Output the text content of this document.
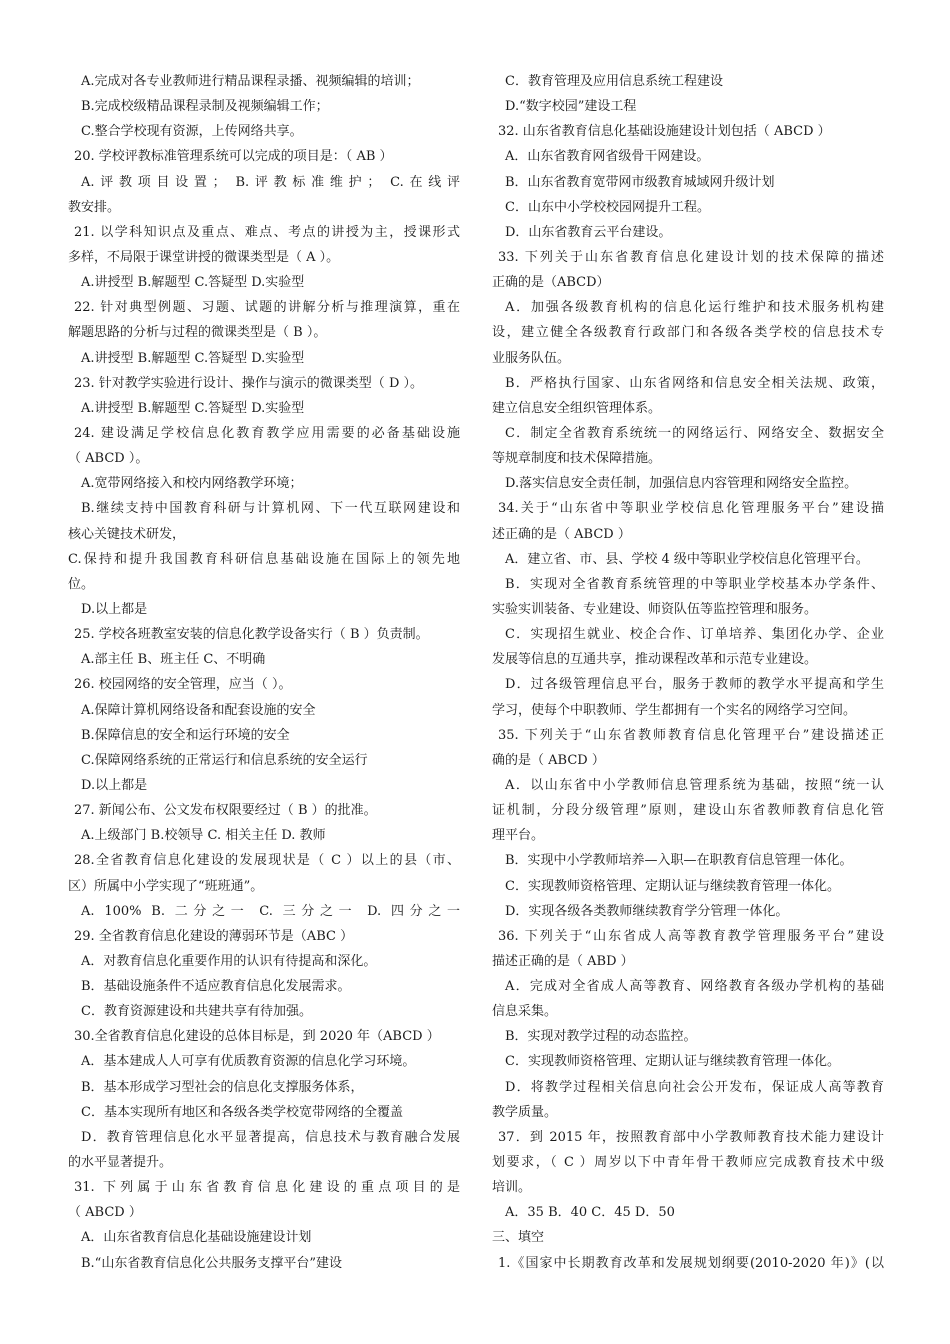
A.完成对各专业教师进行精品课程录播、视频编辑的培训；
B.完成校级精品课程录制及视频编辑工作；
C.整合学校现有资源，上传网络共享。
20. 学校评教标准管理系统可以完成的项目是：（ AB ）
A.评教项目设置； B.评教标准维护； C.在线评
教安排。
21. 以学科知识点及重点、难点、考点的讲授为主，授课形式
多样，不局限于课堂讲授的微课类型是（ A ）。
A.讲授型 B.解题型 C.答疑型 D.实验型
22. 针对典型例题、习题、试题的讲解分析与推理演算，重在
解题思路的分析与过程的微课类型是（ B ）。
A.讲授型 B.解题型 C.答疑型 D.实验型
23. 针对教学实验进行设计、操作与演示的微课类型（ D ）。
A.讲授型 B.解题型 C.答疑型 D.实验型
24. 建设满足学校信息化教育教学应用需要的必备基础设施
（ ABCD ）。
A.宽带网络接入和校内网络教学环境；
B.继续支持中国教育科研与计算机网、下一代互联网建设和
核心关键技术研发，
C.保持和提升我国教育科研信息基础设施在国际上的领先地
位。
D.以上都是
25. 学校各班教室安装的信息化教学设备实行（ B ）负责制。
A.部主任 B、班主任 C、不明确
26. 校园网络的安全管理，应当（ ）。
A.保障计算机网络设备和配套设施的安全
B.保障信息的安全和运行环境的安全
C.保障网络系统的正常运行和信息系统的安全运行
D.以上都是
27. 新闻公布、公文发布权限要经过（ B ）的批准。
A.上级部门 B.校领导 C. 相关主任 D. 教师
28.全省教育信息化建设的发展现状是（ C ）以上的县（市、
区）所属中小学实现了“班班通”。
A. 100% B. 二分之一 C. 三分之一 D. 四分之一
29. 全省教育信息化建设的薄弱环节是（ABC ）
A．对教育信息化重要作用的认识有待提高和深化。
B．基础设施条件不适应教育信息化发展需求。
C．教育资源建设和共建共享有待加强。
30.全省教育信息化建设的总体目标是，到 2020 年（ABCD ）
A．基本建成人人可享有优质教育资源的信息化学习环境。
B．基本形成学习型社会的信息化支撑服务体系，
C．基本实现所有地区和各级各类学校宽带网络的全覆盖
D．教育管理信息化水平显著提高，信息技术与教育融合发展
的水平显著提升。
31. 下列属于山东省教育信息化建设的重点项目的是
（ ABCD ）
A．山东省教育信息化基础设施建设计划
B.“山东省教育信息化公共服务支撑平台”建设
C．教育管理及应用信息系统工程建设
D.“数字校园”建设工程
32. 山东省教育信息化基础设施建设计划包括（ ABCD ）
A．山东省教育网省级骨干网建设。
B．山东省教育宽带网市级教育城域网升级计划
C．山东中小学校校园网提升工程。
D．山东省教育云平台建设。
33. 下列关于山东省教育信息化建设计划的技术保障的描述
正确的是（ABCD）
A．加强各级教育机构的信息化运行维护和技术服务机构建
设，建立健全各级教育行政部门和各级各类学校的信息技术专
业服务队伍。
B．严格执行国家、山东省网络和信息安全相关法规、政策，
建立信息安全组织管理体系。
C．制定全省教育系统统一的网络运行、网络安全、数据安全
等规章制度和技术保障措施。
D.落实信息安全责任制，加强信息内容管理和网络安全监控。
34.关于“山东省中等职业学校信息化管理服务平台”建设描
述正确的是（ ABCD ）
A．建立省、市、县、学校 4 级中等职业学校信息化管理平台。
B．实现对全省教育系统管理的中等职业学校基本办学条件、
实验实训装备、专业建设、师资队伍等监控管理和服务。
C．实现招生就业、校企合作、订单培养、集团化办学、企业
发展等信息的互通共享，推动课程改革和示范专业建设。
D．过各级管理信息平台，服务于教师的教学水平提高和学生
学习，使每个中职教师、学生都拥有一个实名的网络学习空间。
35. 下列关于“山东省教师教育信息化管理平台”建设描述正
确的是（ ABCD ）
A．以山东省中小学教师信息管理系统为基础，按照“统一认
证机制，分段分级管理”原则，建设山东省教师教育信息化管
理平台。
B．实现中小学教师培养—入职—在职教育信息管理一体化。
C．实现教师资格管理、定期认证与继续教育管理一体化。
D．实现各级各类教师继续教育学分管理一体化。
36. 下列关于“山东省成人高等教育教学管理服务平台”建设
描述正确的是（ ABD ）
A．完成对全省成人高等教育、网络教育各级办学机构的基础
信息采集。
B．实现对教学过程的动态监控。
C．实现教师资格管理、定期认证与继续教育管理一体化。
D．将教学过程相关信息向社会公开发布，保证成人高等教育
教学质量。
37．到 2015 年，按照教育部中小学教师教育技术能力建设计
划要求，（ C ）周岁以下中青年骨干教师应完成教育技术中级
培训。
A．35 B．40 C．45 D．50
三、填空
1.《国家中长期教育改革和发展规划纲要(2010-2020 年)》(以
